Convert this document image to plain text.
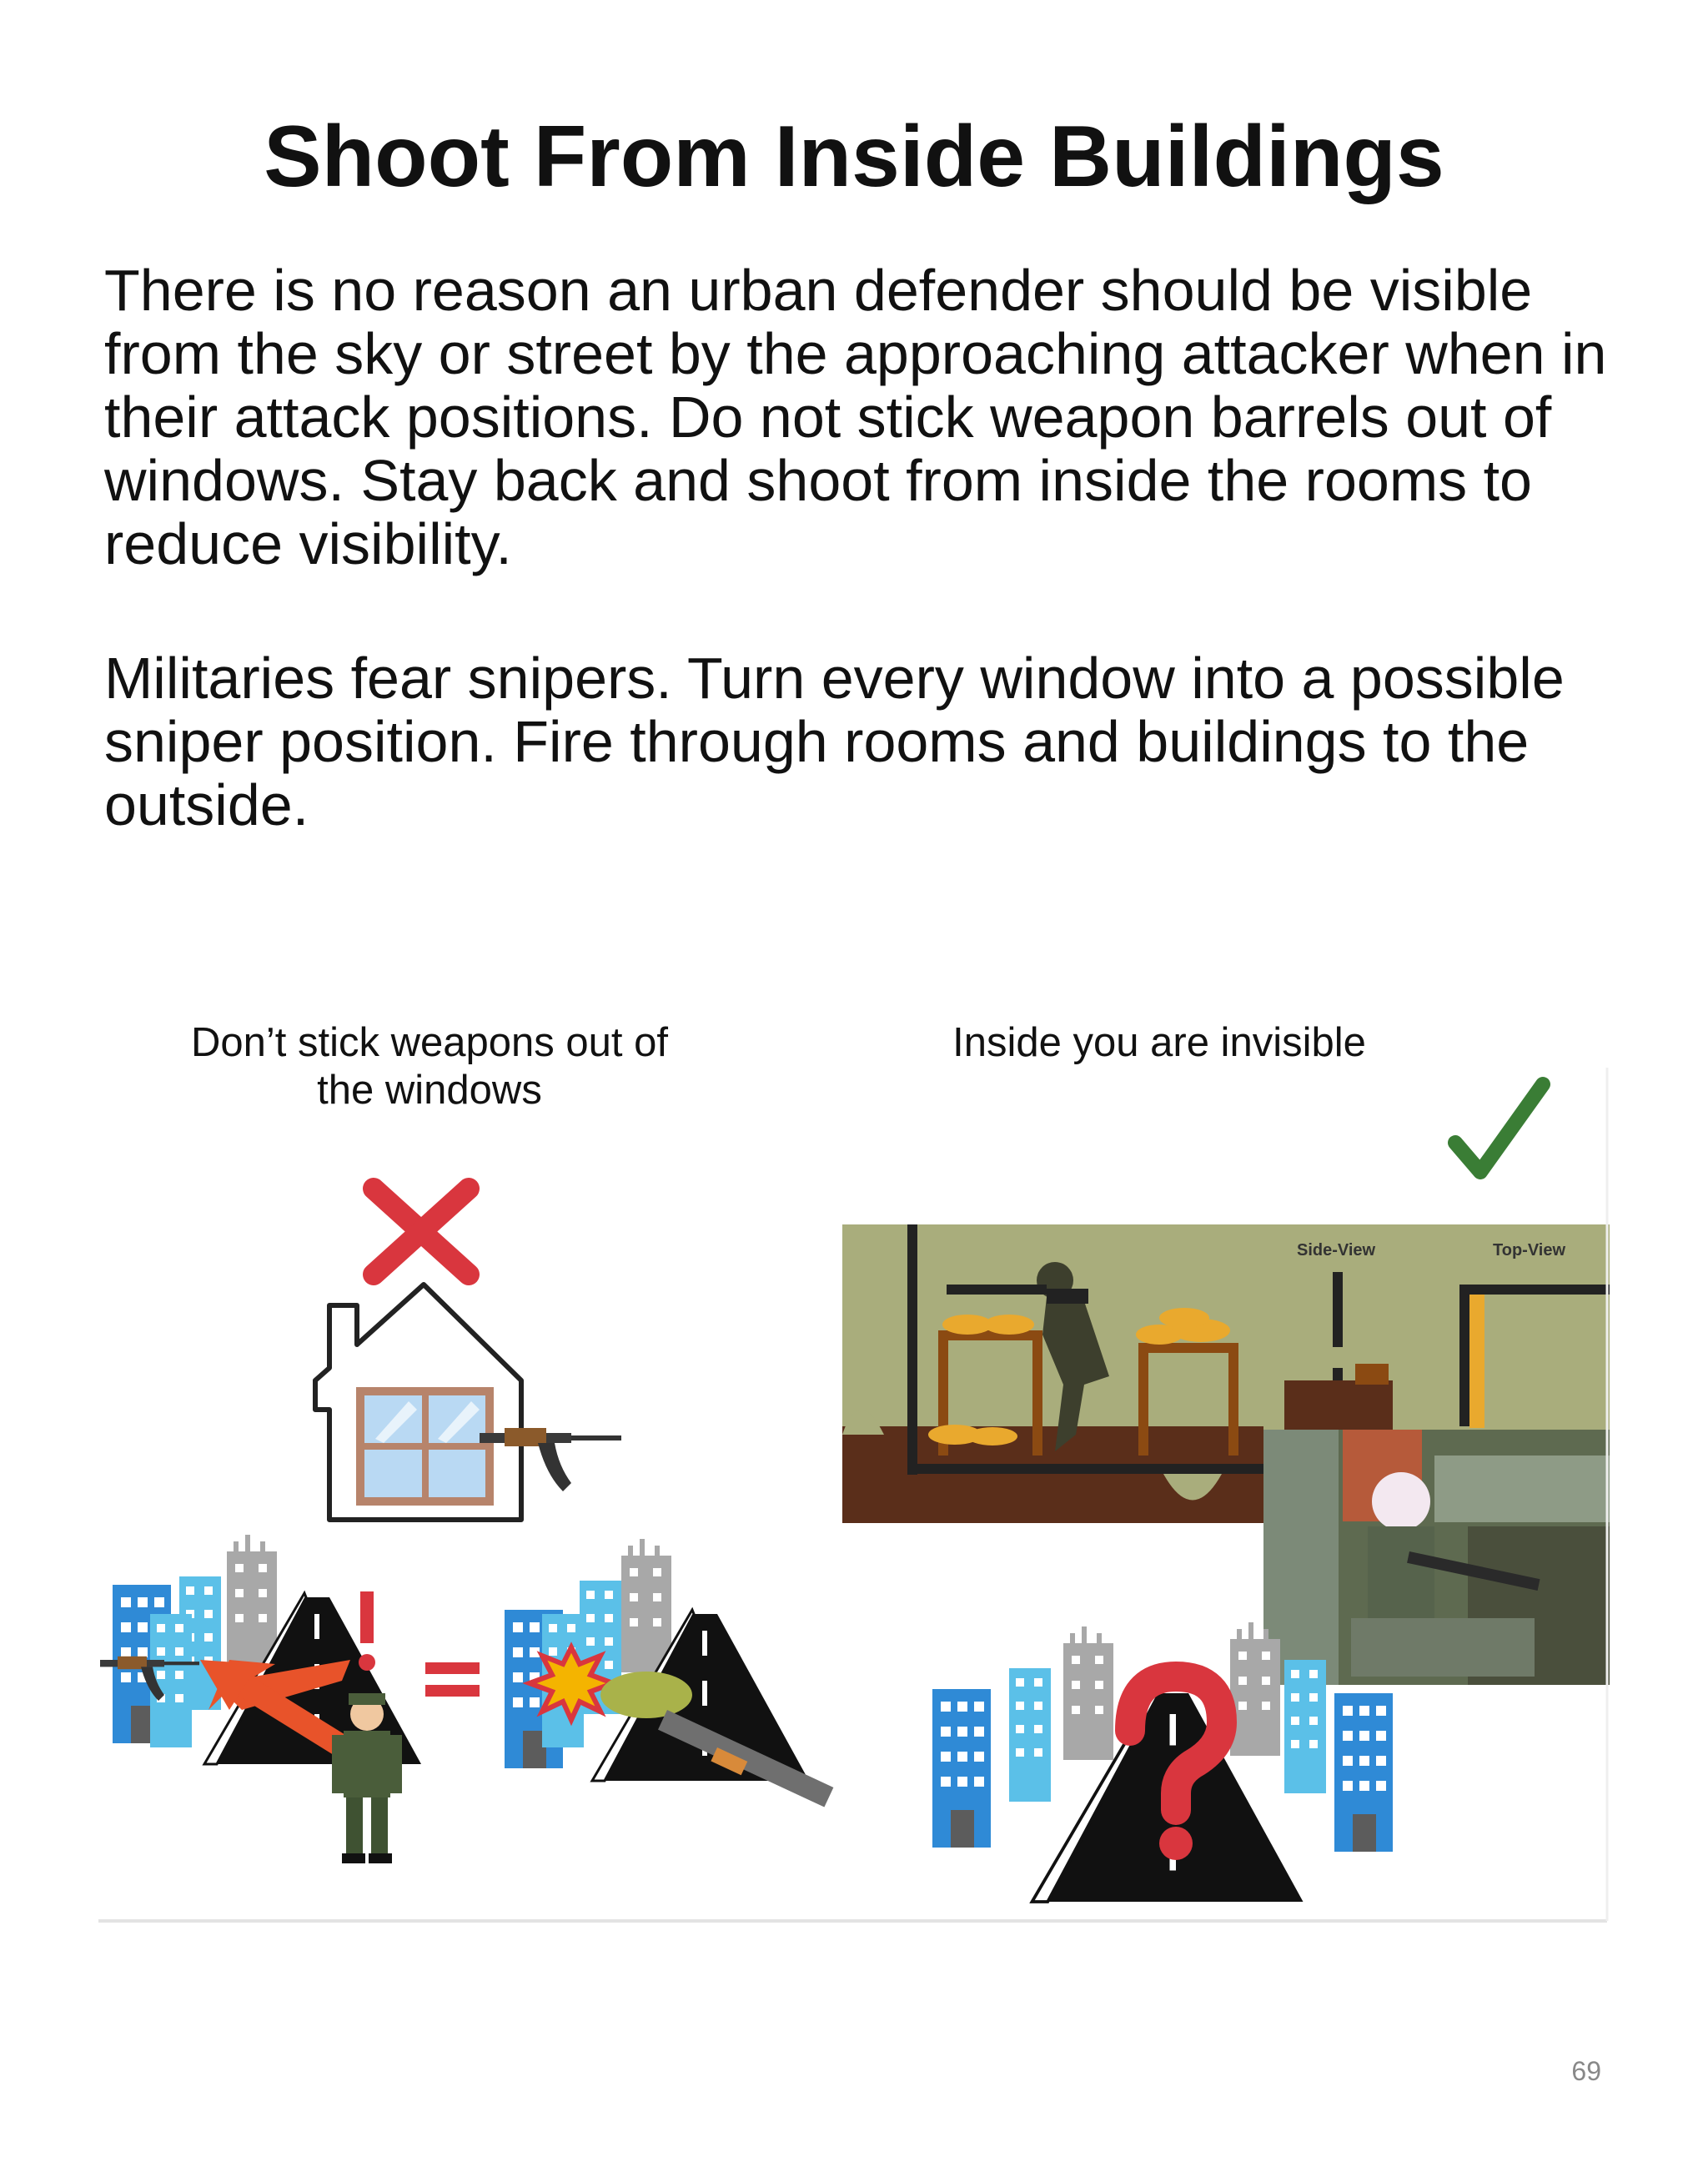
Shoot From Inside Buildings

There is no reason an urban defender should be visible from the sky or street by the approaching attacker when in their attack positions. Do not stick weapon barrels out of windows. Stay back and shoot from inside the rooms to reduce visibility.

Militaries fear snipers. Turn every window into a possible sniper position. Fire through rooms and buildings to the outside.

Don’t stick weapons out of the windows
Inside you are invisible
Side-View	Top-View
69
